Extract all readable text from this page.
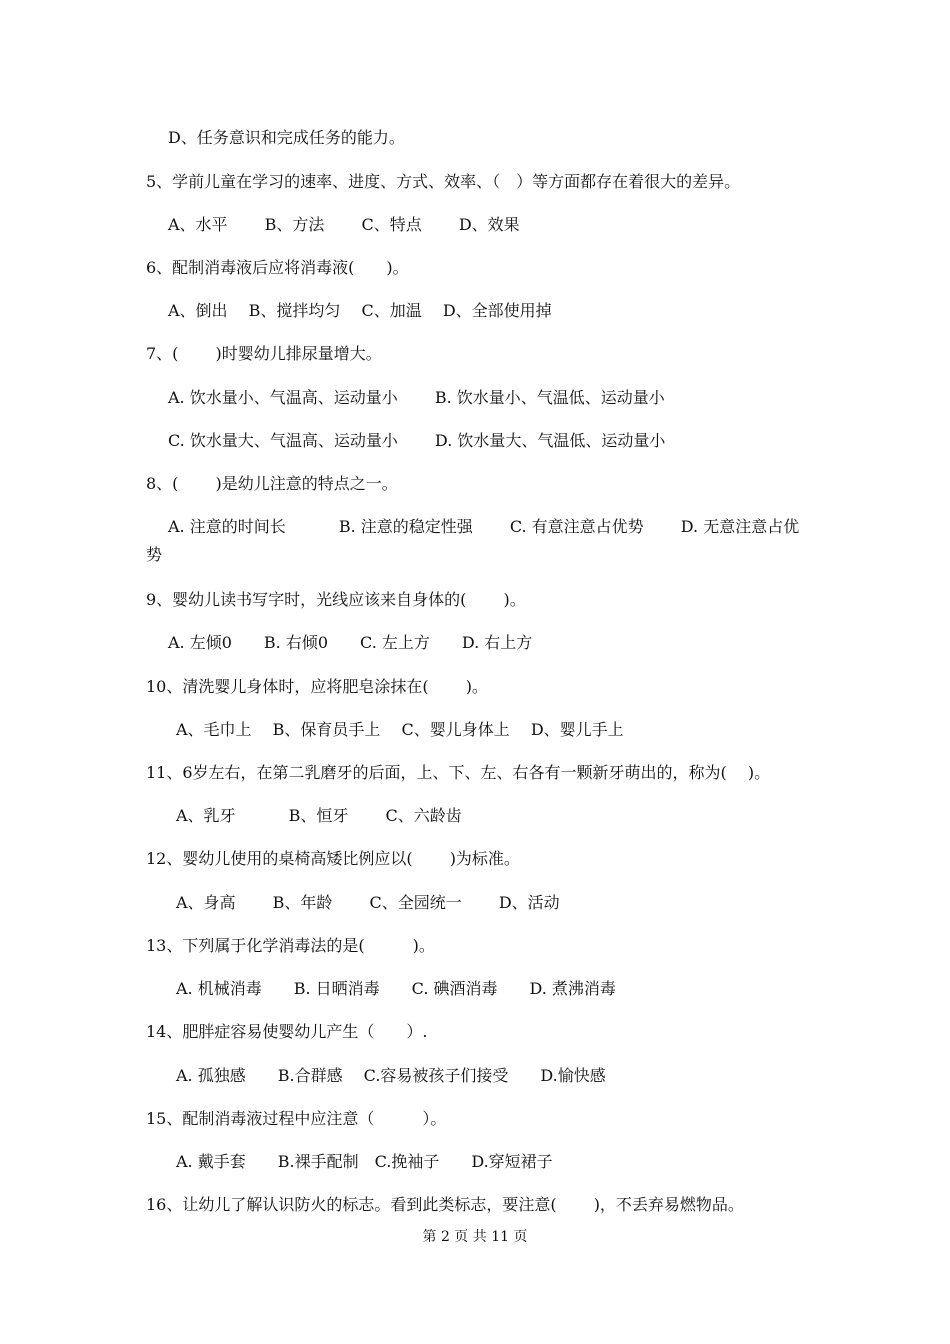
D、任务意识和完成任务的能力。
5、学前儿童在学习的速率、进度、方式、效率、（　）等方面都存在着很大的差异。
A、水平　　 B、方法　　 C、特点　　 D、效果
6、配制消毒液后应将消毒液(　　)。
A、倒出　 B、搅拌均匀　 C、加温　 D、全部使用掉
7、(　　 )时婴幼儿排尿量增大。
A. 饮水量小、气温高、运动量小　　 B. 饮水量小、气温低、运动量小
C. 饮水量大、气温高、运动量小　　 D. 饮水量大、气温低、运动量小
8、(　　 )是幼儿注意的特点之一。
A. 注意的时间长　　　 B. 注意的稳定性强　　 C. 有意注意占优势　　 D. 无意注意占优势
9、婴幼儿读书写字时，光线应该来自身体的(　　 )。
A. 左倾0　　B. 右倾0　　C. 左上方　　D. 右上方
10、清洗婴儿身体时，应将肥皂涂抹在(　　 )。
A、毛巾上　 B、保育员手上　 C、婴儿身体上　 D、婴儿手上
11、6岁左右，在第二乳磨牙的后面，上、下、左、右各有一颗新牙萌出的，称为(　 )。
A、乳牙　　　 B、恒牙　　 C、六龄齿
12、婴幼儿使用的桌椅高矮比例应以(　　 )为标准。
A、身高　　 B、年龄　　 C、全园统一　　 D、活动
13、下列属于化学消毒法的是(　　　)。
A. 机械消毒　　B. 日晒消毒　　C. 碘酒消毒　　D. 煮沸消毒
14、肥胖症容易使婴幼儿产生（　　）.
A. 孤独感　　B.合群感　 C.容易被孩子们接受　　D.愉快感
15、配制消毒液过程中应注意（　　　）。
A. 戴手套　　B.裸手配制　C.挽袖子　　D.穿短裙子
16、让幼儿了解认识防火的标志。看到此类标志，要注意(　　 )，不丢弃易燃物品。
第 2 页 共 11 页
